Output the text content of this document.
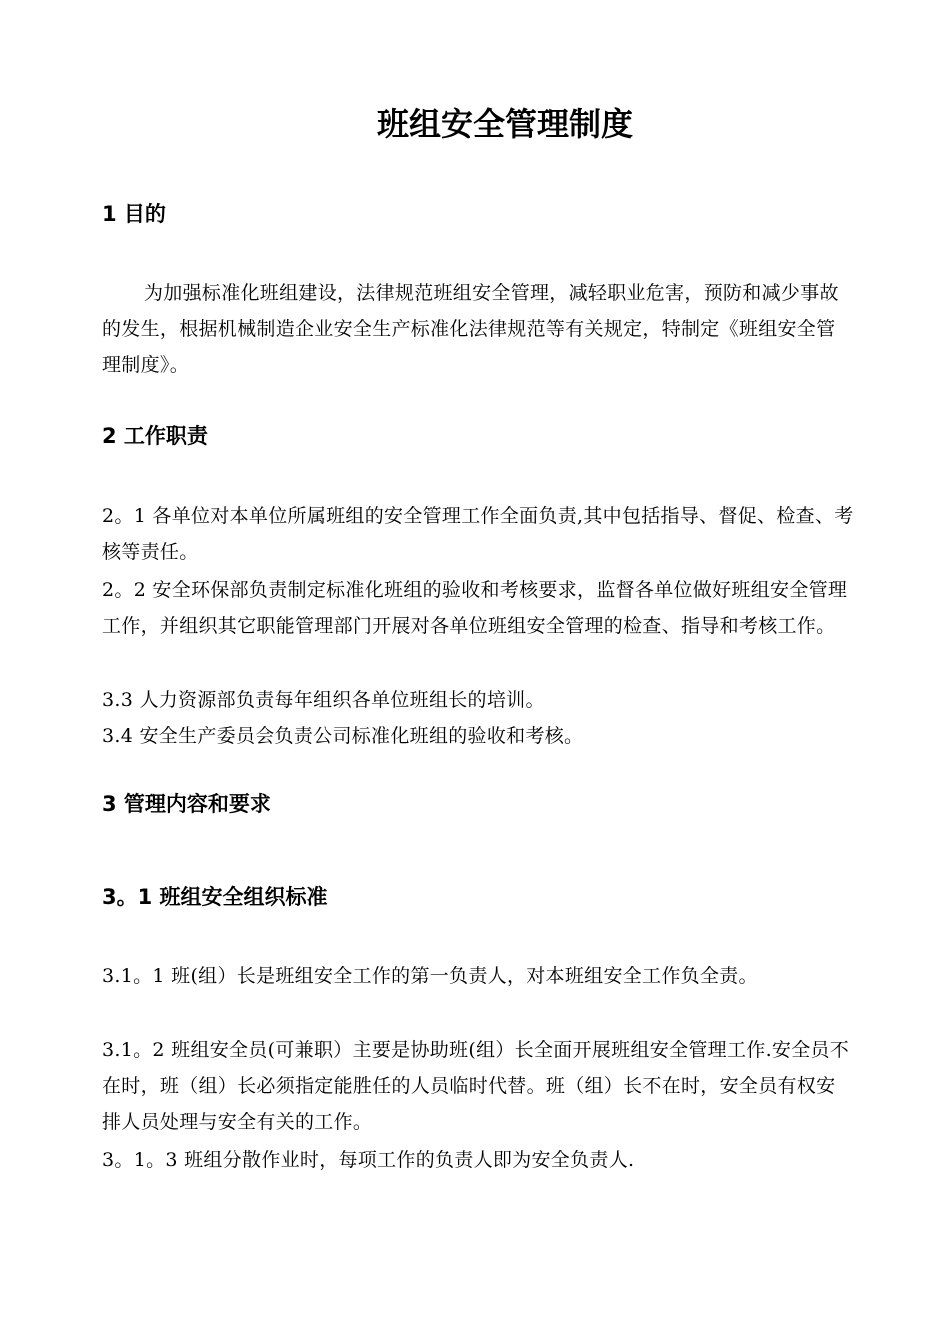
班组安全管理制度
1 目的
为加强标准化班组建设，法律规范班组安全管理，减轻职业危害，预防和减少事故的发生，根据机械制造企业安全生产标准化法律规范等有关规定，特制定《班组安全管理制度》。
2 工作职责
2。1 各单位对本单位所属班组的安全管理工作全面负责,其中包括指导、督促、检查、考核等责任。
2。2 安全环保部负责制定标准化班组的验收和考核要求，监督各单位做好班组安全管理工作，并组织其它职能管理部门开展对各单位班组安全管理的检查、指导和考核工作。
3.3 人力资源部负责每年组织各单位班组长的培训。
3.4 安全生产委员会负责公司标准化班组的验收和考核。
3 管理内容和要求
3。1 班组安全组织标准
3.1。1 班(组）长是班组安全工作的第一负责人，对本班组安全工作负全责。
3.1。2 班组安全员(可兼职）主要是协助班(组）长全面开展班组安全管理工作.安全员不在时，班（组）长必须指定能胜任的人员临时代替。班（组）长不在时，安全员有权安排人员处理与安全有关的工作。
3。1。3 班组分散作业时，每项工作的负责人即为安全负责人.
